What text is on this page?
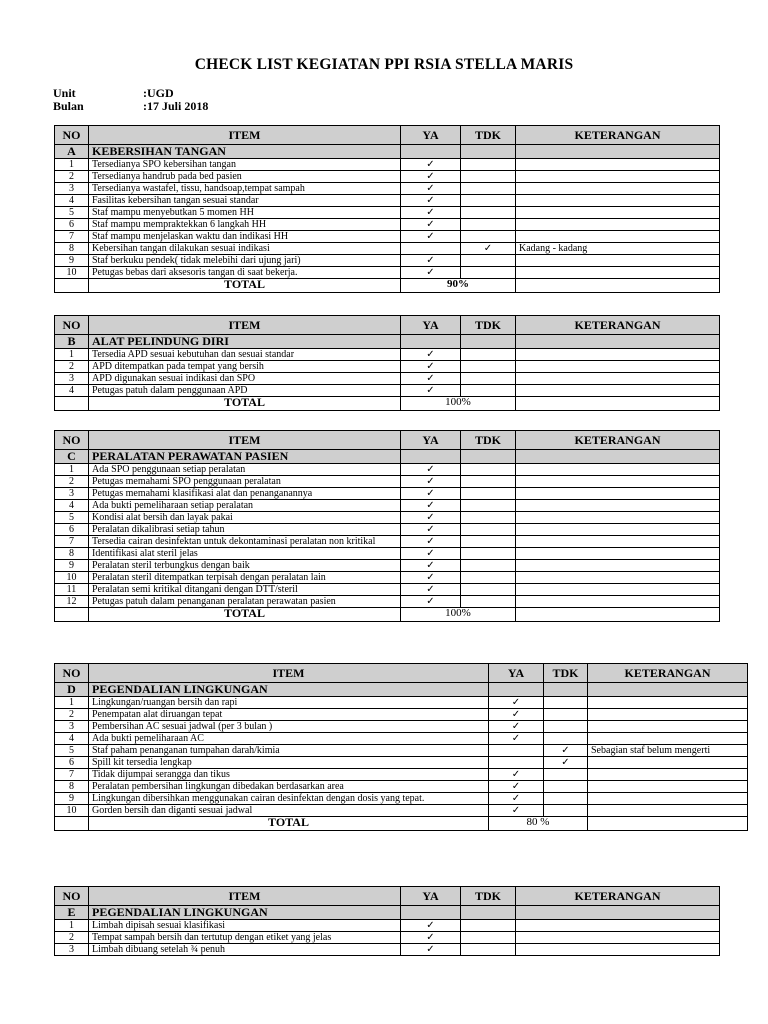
CHECK LIST KEGIATAN PPI RSIA STELLA MARIS
Unit	:UGD
Bulan	:17 Juli 2018
NO	ITEM	YA	TDK	KETERANGAN
A	KEBERSIHAN TANGAN			
1	Tersedianya SPO kebersihan tangan	✓		
2	Tersedianya handrub pada bed pasien	✓		
3	Tersedianya wastafel, tissu, handsoap,tempat sampah	✓		
4	Fasilitas kebersihan tangan sesuai standar	✓		
5	Staf mampu menyebutkan 5 momen HH	✓		
6	Staf mampu mempraktekkan 6 langkah HH	✓		
7	Staf mampu menjelaskan waktu dan indikasi HH	✓		
8	Kebersihan tangan dilakukan sesuai indikasi		✓	Kadang - kadang
9	Staf berkuku pendek( tidak melebihi dari ujung jari)	✓		
10	Petugas bebas dari aksesoris tangan di saat bekerja.	✓		
	TOTAL	90%		
NO	ITEM	YA	TDK	KETERANGAN
B	ALAT PELINDUNG DIRI			
1	Tersedia APD sesuai kebutuhan dan sesuai standar	✓		
2	APD ditempatkan pada tempat yang bersih	✓		
3	APD digunakan sesuai indikasi dan SPO	✓		
4	Petugas patuh dalam penggunaan APD	✓		
	TOTAL	100%		
NO	ITEM	YA	TDK	KETERANGAN
C	PERALATAN PERAWATAN PASIEN			
1	Ada SPO penggunaan setiap peralatan	✓		
2	Petugas memahami SPO penggunaan peralatan	✓		
3	Petugas memahami klasifikasi alat dan penanganannya	✓		
4	Ada bukti pemeliharaan setiap peralatan	✓		
5	Kondisi alat bersih dan layak pakai	✓		
6	Peralatan dikalibrasi setiap tahun	✓		
7	Tersedia cairan desinfektan untuk dekontaminasi peralatan non kritikal	✓		
8	Identifikasi alat steril jelas	✓		
9	Peralatan steril terbungkus dengan baik	✓		
10	Peralatan steril ditempatkan terpisah dengan peralatan lain	✓		
11	Peralatan semi kritikal ditangani dengan DTT/steril	✓		
12	Petugas patuh dalam penanganan peralatan perawatan pasien	✓		
	TOTAL	100%		
NO	ITEM	YA	TDK	KETERANGAN
D	PEGENDALIAN LINGKUNGAN			
1	Lingkungan/ruangan bersih dan rapi	✓		
2	Penempatan alat diruangan tepat	✓		
3	Pembersihan AC sesuai jadwal (per 3 bulan )	✓		
4	Ada bukti pemeliharaan AC	✓		
5	Staf paham penanganan tumpahan darah/kimia		✓	Sebagian staf belum mengerti
6	Spill kit tersedia lengkap		✓	
7	Tidak dijumpai serangga dan tikus	✓		
8	Peralatan pembersihan lingkungan dibedakan berdasarkan area	✓		
9	Lingkungan dibersihkan menggunakan cairan desinfektan dengan dosis yang tepat.	✓		
10	Gorden bersih dan diganti sesuai jadwal	✓		
	TOTAL	80 %		
NO	ITEM	YA	TDK	KETERANGAN
E	PEGENDALIAN LINGKUNGAN			
1	Limbah dipisah sesuai klasifikasi	✓		
2	Tempat sampah bersih dan tertutup dengan etiket yang jelas	✓		
3	Limbah dibuang setelah ¾ penuh	✓		
